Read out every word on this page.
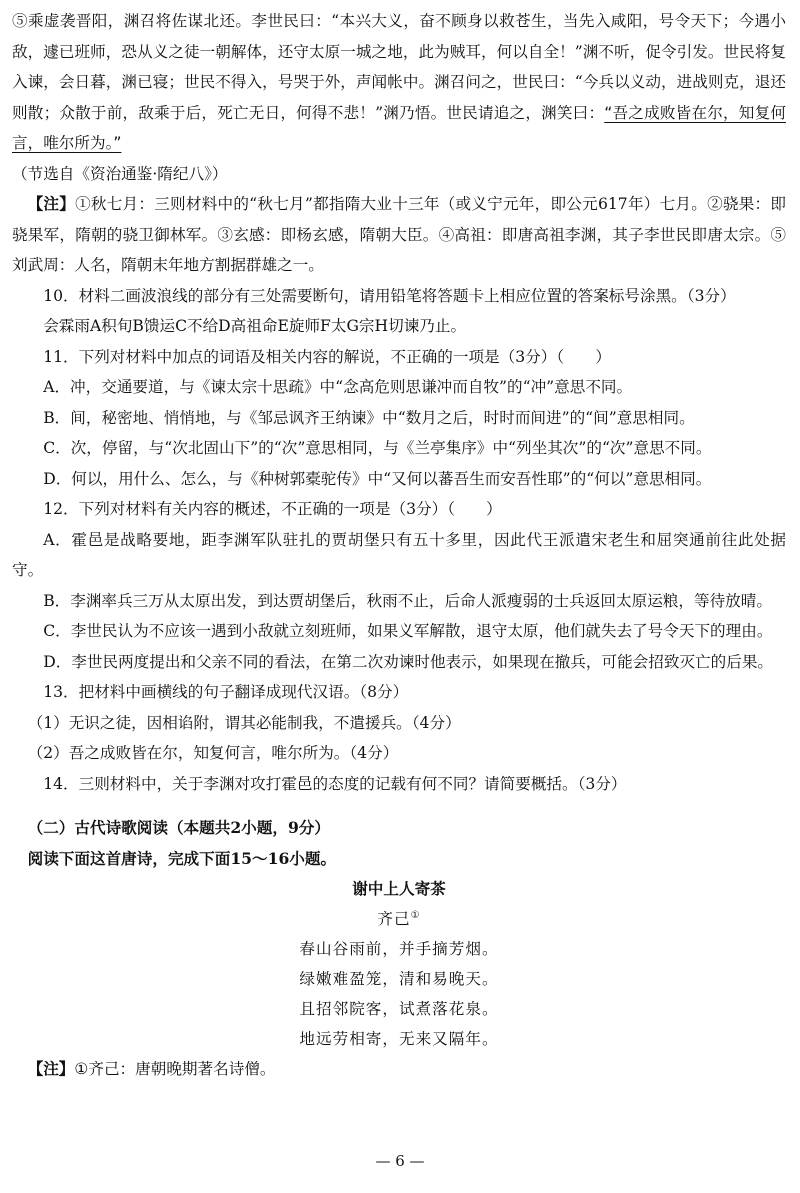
⑤乘虚袭晋阳，渊召将佐谋北还。李世民曰：“本兴大义，奋不顾身以救苍生，当先入咸阳，号令天下；今遇小敌，遽已班师，恐从义之徒一朝解体，还守太原一城之地，此为贼耳，何以自全！”渊不听，促令引发。世民将复入谏，会日暮，渊已寝；世民不得入，号哭于外，声闻帐中。渊召问之，世民曰：“今兵以义动，进战则克，退还则散；众散于前，敌乘于后，死亡无日，何得不悲！”渊乃悟。世民请追之，渊笑曰：“吾之成败皆在尔，知复何言，唯尔所为。”

（节选自《资治通鉴·隋纪八》）

【注】①秋七月：三则材料中的“秋七月”都指隋大业十三年（或义宁元年，即公元617年）七月。②骁果：即骁果军，隋朝的骁卫御林军。③玄感：即杨玄感，隋朝大臣。④高祖：即唐高祖李渊，其子李世民即唐太宗。⑤刘武周：人名，隋朝末年地方割据群雄之一。

10．材料二画波浪线的部分有三处需要断句，请用铅笔将答题卡上相应位置的答案标号涂黑。（3分）

会霖雨A积旬B馈运C不给D高祖命E旋师F太G宗H切谏乃止。

11．下列对材料中加点的词语及相关内容的解说，不正确的一项是（3分）（　　）

A．冲，交通要道，与《谏太宗十思疏》中“念高危则思谦冲而自牧”的“冲”意思不同。

B．间，秘密地、悄悄地，与《邹忌讽齐王纳谏》中“数月之后，时时而间进”的“间”意思相同。

C．次，停留，与“次北固山下”的“次”意思相同，与《兰亭集序》中“列坐其次”的“次”意思不同。

D．何以，用什么、怎么，与《种树郭橐驼传》中“又何以蕃吾生而安吾性耶”的“何以”意思相同。

12．下列对材料有关内容的概述，不正确的一项是（3分）（　　）

A．霍邑是战略要地，距李渊军队驻扎的贾胡堡只有五十多里，因此代王派遣宋老生和屈突通前往此处据守。

B．李渊率兵三万从太原出发，到达贾胡堡后，秋雨不止，后命人派瘦弱的士兵返回太原运粮，等待放晴。

C．李世民认为不应该一遇到小敌就立刻班师，如果义军解散，退守太原，他们就失去了号令天下的理由。

D．李世民两度提出和父亲不同的看法，在第二次劝谏时他表示，如果现在撤兵，可能会招致灭亡的后果。

13．把材料中画横线的句子翻译成现代汉语。（8分）

（1）无识之徒，因相谄附，谓其必能制我，不遣援兵。（4分）

（2）吾之成败皆在尔，知复何言，唯尔所为。（4分）

14．三则材料中，关于李渊对攻打霍邑的态度的记载有何不同？请简要概括。（3分）

（二）古代诗歌阅读（本题共2小题，9分）

阅读下面这首唐诗，完成下面15～16小题。

谢中上人寄茶

齐己①

春山谷雨前，并手摘芳烟。

绿嫩难盈笼，清和易晚天。

且招邻院客，试煮落花泉。

地远劳相寄，无来又隔年。

【注】①齐己：唐朝晚期著名诗僧。

— 6 —
